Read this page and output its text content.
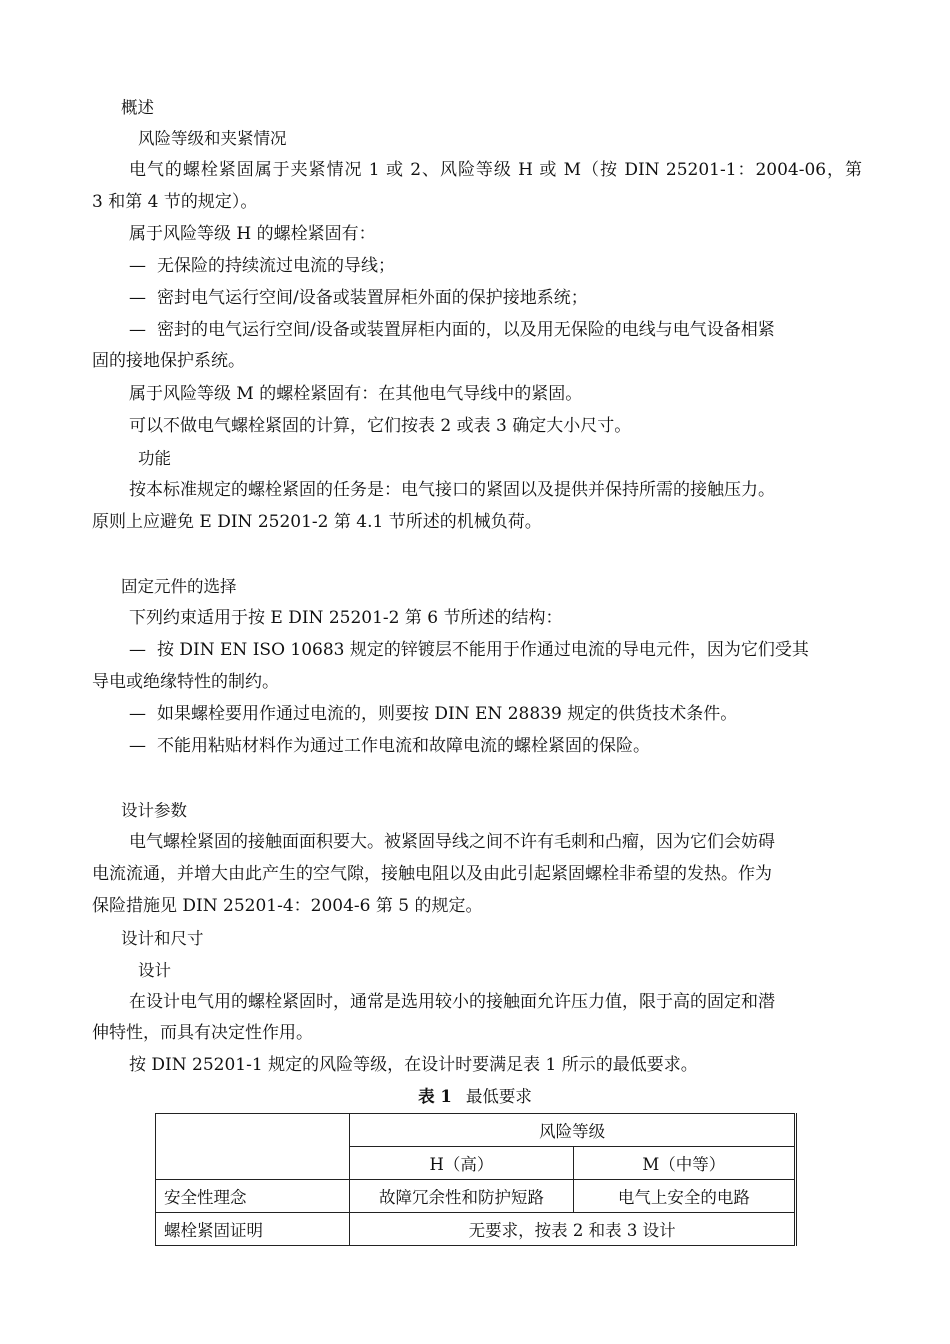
概述
风险等级和夹紧情况
电气的螺栓紧固属于夹紧情况 1 或 2、风险等级 H 或 M（按 DIN 25201-1：2004-06，第
3 和第 4 节的规定）。
属于风险等级 H 的螺栓紧固有：
— 无保险的持续流过电流的导线；
— 密封电气运行空间/设备或装置屏柜外面的保护接地系统；
— 密封的电气运行空间/设备或装置屏柜内面的，以及用无保险的电线与电气设备相紧
固的接地保护系统。
属于风险等级 M 的螺栓紧固有：在其他电气导线中的紧固。
可以不做电气螺栓紧固的计算，它们按表 2 或表 3 确定大小尺寸。
功能
按本标准规定的螺栓紧固的任务是：电气接口的紧固以及提供并保持所需的接触压力。
原则上应避免 E DIN 25201-2 第 4.1 节所述的机械负荷。
固定元件的选择
下列约束适用于按 E DIN 25201-2 第 6 节所述的结构：
— 按 DIN EN ISO 10683 规定的锌镀层不能用于作通过电流的导电元件，因为它们受其
导电或绝缘特性的制约。
— 如果螺栓要用作通过电流的，则要按 DIN EN 28839 规定的供货技术条件。
— 不能用粘贴材料作为通过工作电流和故障电流的螺栓紧固的保险。
设计参数
电气螺栓紧固的接触面面积要大。被紧固导线之间不许有毛刺和凸瘤，因为它们会妨碍
电流流通，并增大由此产生的空气隙，接触电阻以及由此引起紧固螺栓非希望的发热。作为
保险措施见 DIN 25201-4：2004-6 第 5 的规定。
设计和尺寸
设计
在设计电气用的螺栓紧固时，通常是选用较小的接触面允许压力值，限于高的固定和潜
伸特性，而具有决定性作用。
按 DIN 25201-1 规定的风险等级，在设计时要满足表 1 所示的最低要求。
表 1 最低要求
	风险等级	
	H（高）	M（中等）
安全性理念	故障冗余性和防护短路	电气上安全的电路
螺栓紧固证明	无要求，按表 2 和表 3 设计	
